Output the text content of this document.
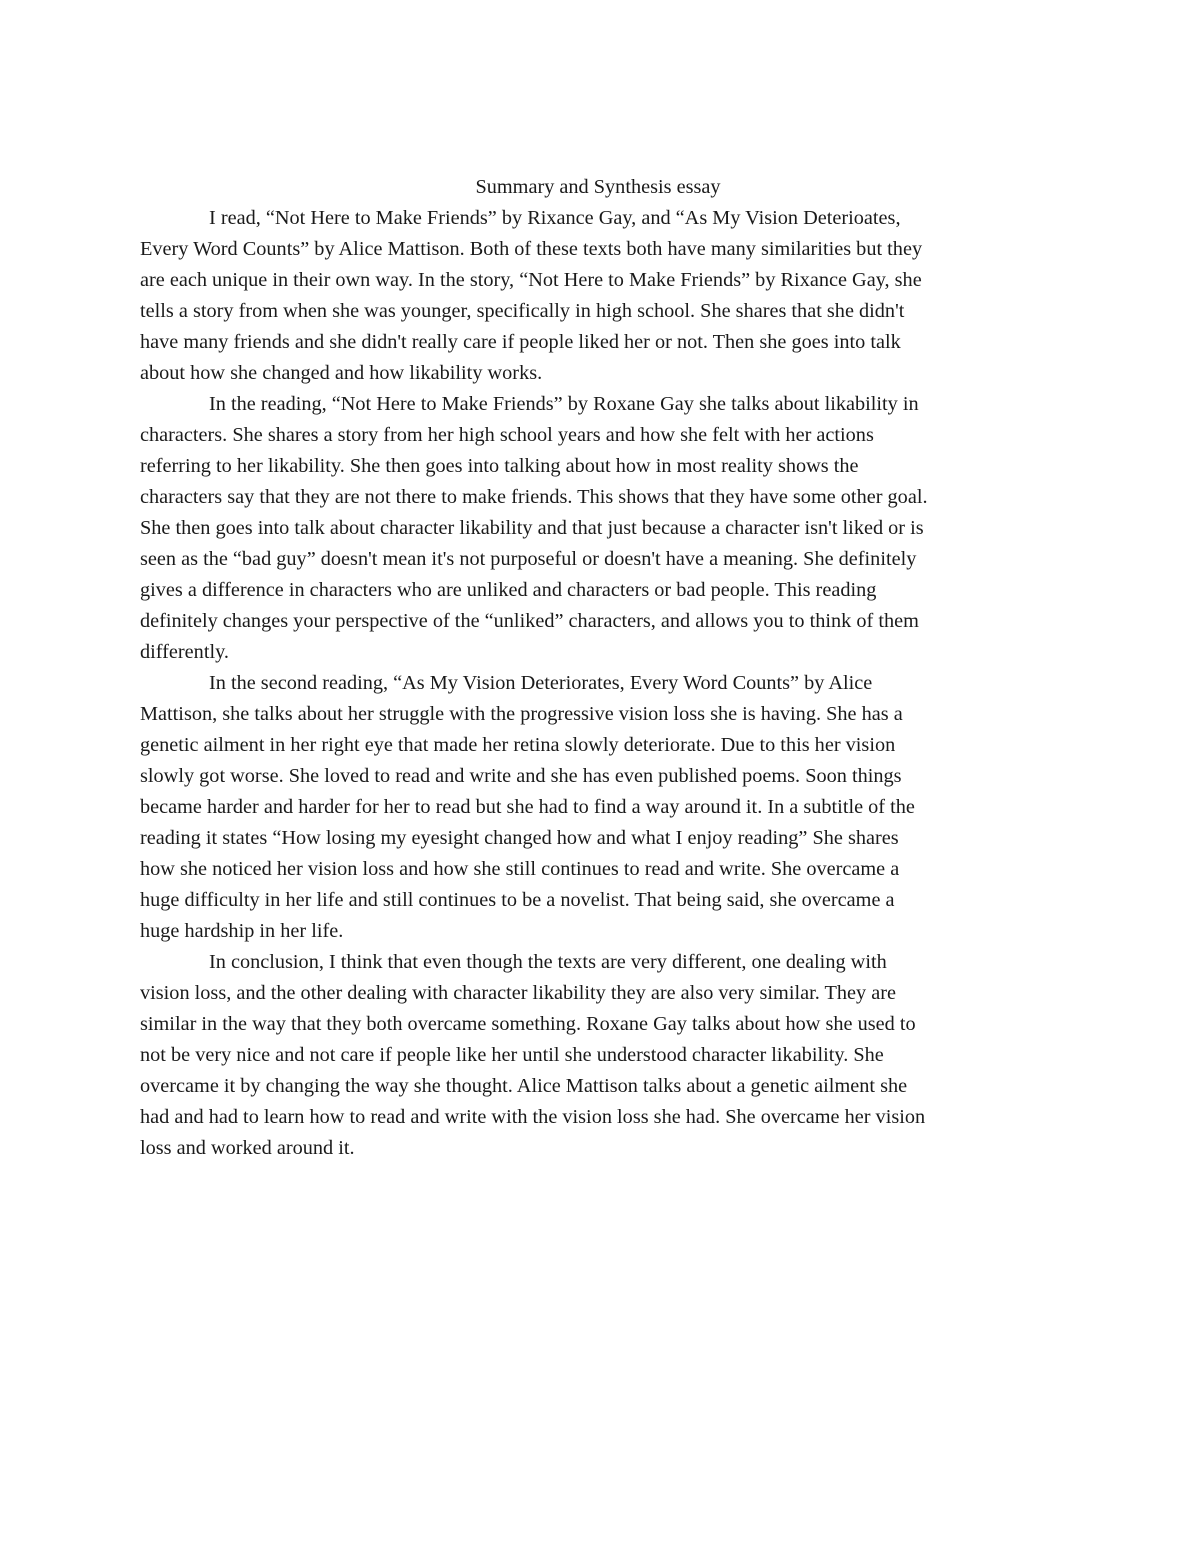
Summary and Synthesis essay

I read, “Not Here to Make Friends” by Rixance Gay, and “As My Vision Deterioates,
Every Word Counts” by Alice Mattison. Both of these texts both have many similarities but they
are each unique in their own way. In the story, “Not Here to Make Friends” by Rixance Gay, she
tells a story from when she was younger, specifically in high school. She shares that she didn't
have many friends and she didn't really care if people liked her or not. Then she goes into talk
about how she changed and how likability works.

In the reading, “Not Here to Make Friends” by Roxane Gay she talks about likability in
characters. She shares a story from her high school years and how she felt with her actions
referring to her likability. She then goes into talking about how in most reality shows the
characters say that they are not there to make friends. This shows that they have some other goal.
She then goes into talk about character likability and that just because a character isn't liked or is
seen as the “bad guy” doesn't mean it's not purposeful or doesn't have a meaning. She definitely
gives a difference in characters who are unliked and characters or bad people. This reading
definitely changes your perspective of the “unliked” characters, and allows you to think of them
differently.

In the second reading, “As My Vision Deteriorates, Every Word Counts” by Alice
Mattison, she talks about her struggle with the progressive vision loss she is having. She has a
genetic ailment in her right eye that made her retina slowly deteriorate. Due to this her vision
slowly got worse. She loved to read and write and she has even published poems. Soon things
became harder and harder for her to read but she had to find a way around it. In a subtitle of the
reading it states “How losing my eyesight changed how and what I enjoy reading” She shares
how she noticed her vision loss and how she still continues to read and write. She overcame a
huge difficulty in her life and still continues to be a novelist. That being said, she overcame a
huge hardship in her life.

In conclusion, I think that even though the texts are very different, one dealing with
vision loss, and the other dealing with character likability they are also very similar. They are
similar in the way that they both overcame something. Roxane Gay talks about how she used to
not be very nice and not care if people like her until she understood character likability. She
overcame it by changing the way she thought. Alice Mattison talks about a genetic ailment she
had and had to learn how to read and write with the vision loss she had. She overcame her vision
loss and worked around it.
